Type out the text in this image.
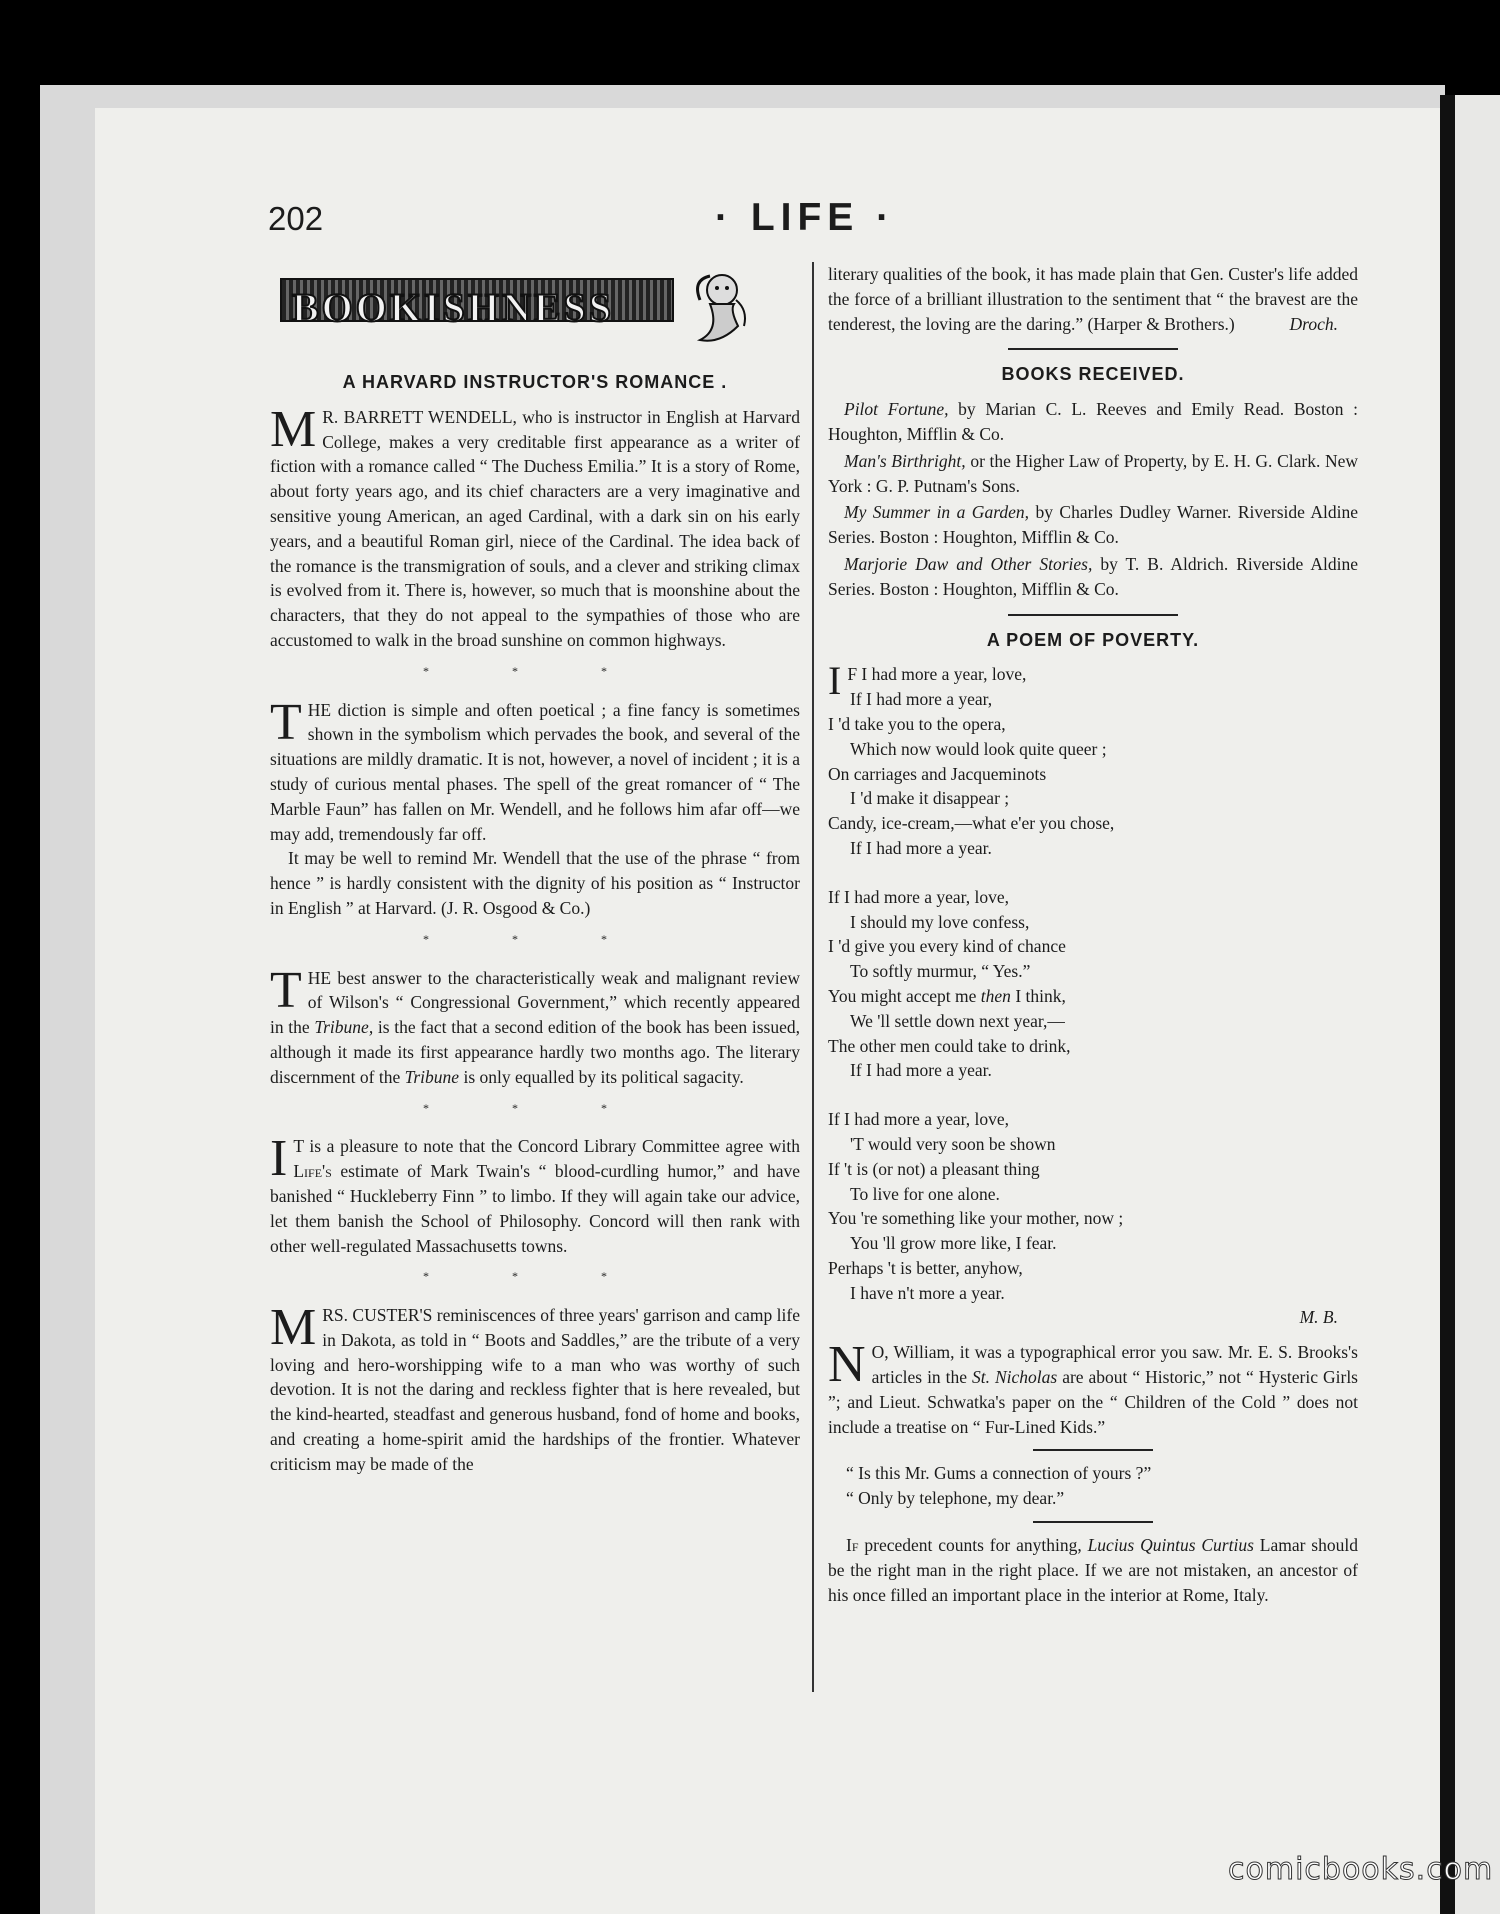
202	· LIFE ·
BOOKISHNESS
A HARVARD INSTRUCTOR'S ROMANCE .

M R. BARRETT WENDELL, who is instructor in English at Harvard College, makes a very creditable first appearance as a writer of fiction with a romance called “ The Duchess Emilia.” It is a story of Rome, about forty years ago, and its chief characters are a very imaginative and sensitive young American, an aged Cardinal, with a dark sin on his early years, and a beautiful Roman girl, niece of the Cardinal. The idea back of the romance is the transmigration of souls, and a clever and striking climax is evolved from it. There is, however, so much that is moonshine about the characters, that they do not appeal to the sympathies of those who are accustomed to walk in the broad sunshine on common highways.

* * *

THE diction is simple and often poetical ; a fine fancy is sometimes shown in the symbolism which pervades the book, and several of the situations are mildly dramatic. It is not, however, a novel of incident ; it is a study of curious mental phases. The spell of the great romancer of “ The Marble Faun” has fallen on Mr. Wendell, and he follows him afar off—we may add, tremendously far off.

It may be well to remind Mr. Wendell that the use of the phrase “ from hence ” is hardly consistent with the dignity of his position as “ Instructor in English ” at Harvard. (J. R. Osgood & Co.)

* * *

THE best answer to the characteristically weak and malignant review of Wilson's “ Congressional Government,” which recently appeared in the Tribune, is the fact that a second edition of the book has been issued, although it made its first appearance hardly two months ago. The literary discernment of the Tribune is only equalled by its political sagacity.

* * *

I T is a pleasure to note that the Concord Library Committee agree with Life's estimate of Mark Twain's “ blood-curdling humor,” and have banished “ Huckleberry Finn ” to limbo. If they will again take our advice, let them banish the School of Philosophy. Concord will then rank with other well-regulated Massachusetts towns.

* * *

MRS. CUSTER'S reminiscences of three years' garrison and camp life in Dakota, as told in “ Boots and Saddles,” are the tribute of a very loving and hero-worshipping wife to a man who was worthy of such devotion. It is not the daring and reckless fighter that is here revealed, but the kind-hearted, steadfast and generous husband, fond of home and books, and creating a home-spirit amid the hardships of the frontier. Whatever criticism may be made of the

literary qualities of the book, it has made plain that Gen. Custer's life added the force of a brilliant illustration to the sentiment that “ the bravest are the tenderest, the loving are the daring.” (Harper & Brothers.)	Droch.

BOOKS RECEIVED.

Pilot Fortune, by Marian C. L. Reeves and Emily Read. Boston : Houghton, Mifflin & Co.

Man's Birthright, or the Higher Law of Property, by E. H. G. Clark. New York : G. P. Putnam's Sons.

My Summer in a Garden, by Charles Dudley Warner. Riverside Aldine Series. Boston : Houghton, Mifflin & Co.

Marjorie Daw and Other Stories, by T. B. Aldrich. Riverside Aldine Series. Boston : Houghton, Mifflin & Co.

A POEM OF POVERTY.
I F I had more a year, love,
If I had more a year,
I 'd take you to the opera,
Which now would look quite queer ;
On carriages and Jacqueminots
I 'd make it disappear ;
Candy, ice-cream,—what e'er you chose,
If I had more a year.
If I had more a year, love,
I should my love confess,
I 'd give you every kind of chance
To softly murmur, “ Yes.”
You might accept me then I think,
We 'll settle down next year,—
The other men could take to drink,
If I had more a year.
If I had more a year, love,
'T would very soon be shown
If 't is (or not) a pleasant thing
To live for one alone.
You 're something like your mother, now ;
You 'll grow more like, I fear.
Perhaps 't is better, anyhow,
I have n't more a year.
M. B.

N O, William, it was a typographical error you saw. Mr. E. S. Brooks's articles in the St. Nicholas are about “ Historic,” not “ Hysteric Girls ”; and Lieut. Schwatka's paper on the “ Children of the Cold ” does not include a treatise on “ Fur-Lined Kids.”

“ Is this Mr. Gums a connection of yours ?”

“ Only by telephone, my dear.”

If precedent counts for anything, Lucius Quintus Curtius Lamar should be the right man in the right place. If we are not mistaken, an ancestor of his once filled an important place in the interior at Rome, Italy.

comicbooks.com
